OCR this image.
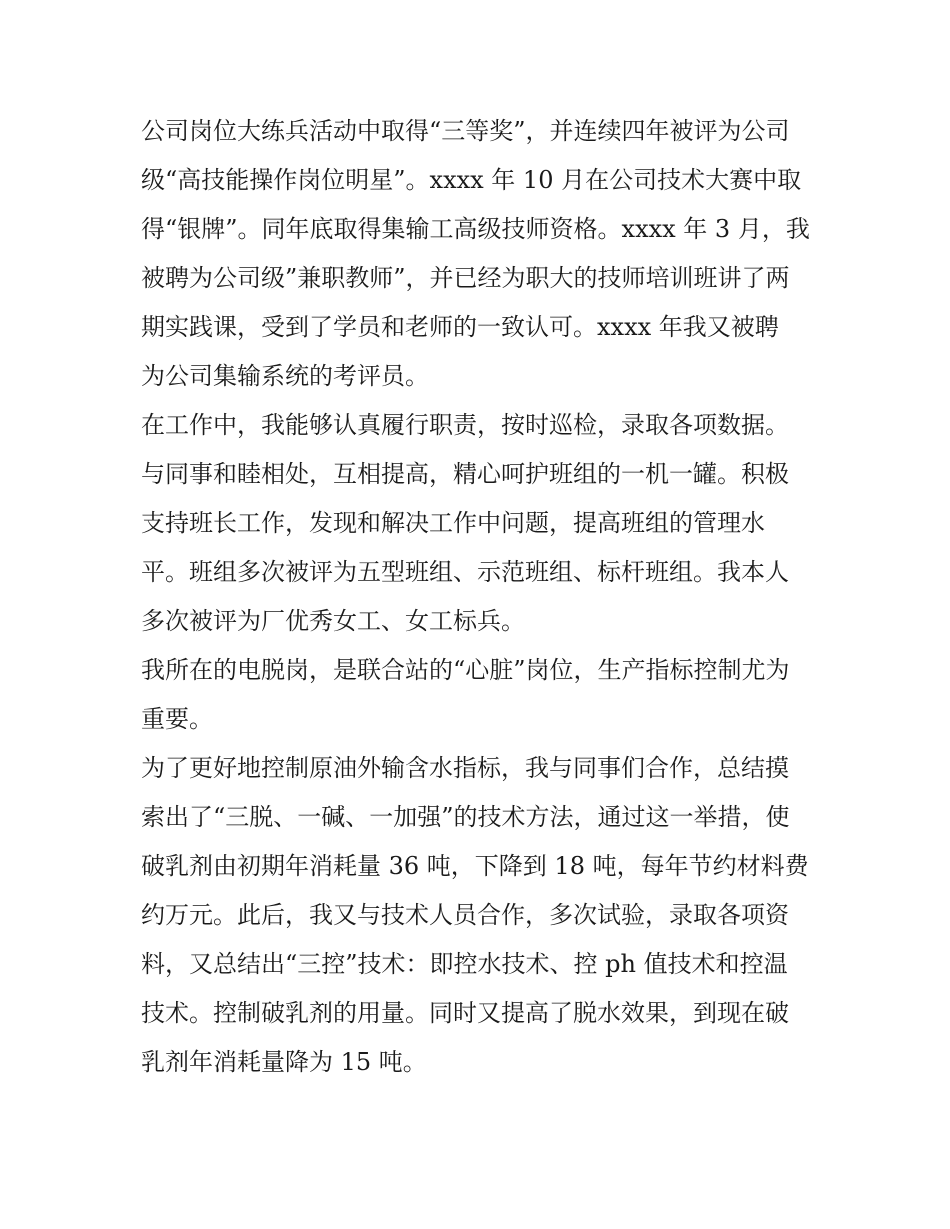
公司岗位大练兵活动中取得“三等奖”，并连续四年被评为公司
级“高技能操作岗位明星”。xxxx 年 10 月在公司技术大赛中取
得“银牌”。同年底取得集输工高级技师资格。xxxx 年 3 月，我
被聘为公司级”兼职教师”，并已经为职大的技师培训班讲了两
期实践课，受到了学员和老师的一致认可。xxxx 年我又被聘
为公司集输系统的考评员。
在工作中，我能够认真履行职责，按时巡检，录取各项数据。
与同事和睦相处，互相提高，精心呵护班组的一机一罐。积极
支持班长工作，发现和解决工作中问题，提高班组的管理水
平。班组多次被评为五型班组、示范班组、标杆班组。我本人
多次被评为厂优秀女工、女工标兵。
我所在的电脱岗，是联合站的“心脏”岗位，生产指标控制尤为
重要。
为了更好地控制原油外输含水指标，我与同事们合作，总结摸
索出了“三脱、一碱、一加强”的技术方法，通过这一举措，使
破乳剂由初期年消耗量 36 吨，下降到 18 吨，每年节约材料费
约万元。此后，我又与技术人员合作，多次试验，录取各项资
料，又总结出“三控”技术：即控水技术、控 ph 值技术和控温
技术。控制破乳剂的用量。同时又提高了脱水效果，到现在破
乳剂年消耗量降为 15 吨。
